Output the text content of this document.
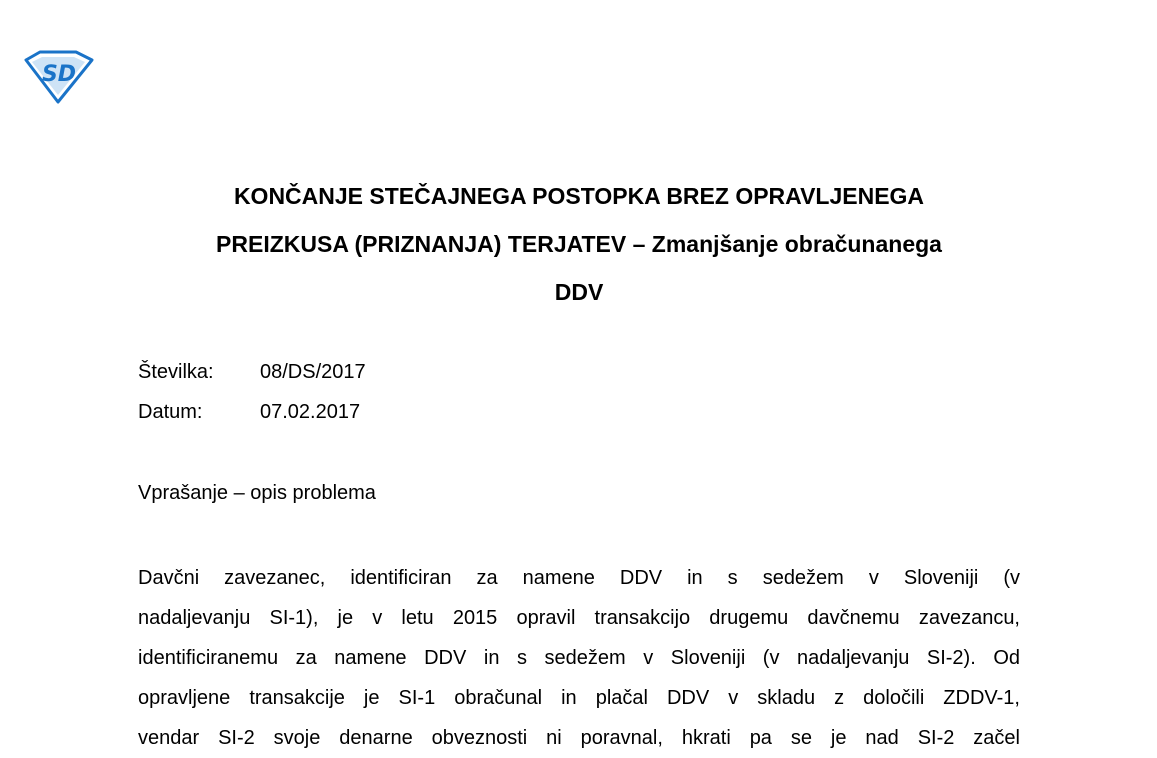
SD
KONČANJE STEČAJNEGA POSTOPKA BREZ OPRAVLJENEGA
PREIZKUSA (PRIZNANJA) TERJATEV – Zmanjšanje obračunanega
DDV
Številka: 08/DS/2017
Datum:	07.02.2017
Vprašanje – opis problema
Davčni zavezanec, identificiran za namene DDV in s sedežem v Sloveniji (v
nadaljevanju SI-1), je v letu 2015 opravil transakcijo drugemu davčnemu zavezancu,
identificiranemu za namene DDV in s sedežem v Sloveniji (v nadaljevanju SI-2). Od
opravljene transakcije je SI-1 obračunal in plačal DDV v skladu z določili ZDDV-1,
vendar SI-2 svoje denarne obveznosti ni poravnal, hkrati pa se je nad SI-2 začel
